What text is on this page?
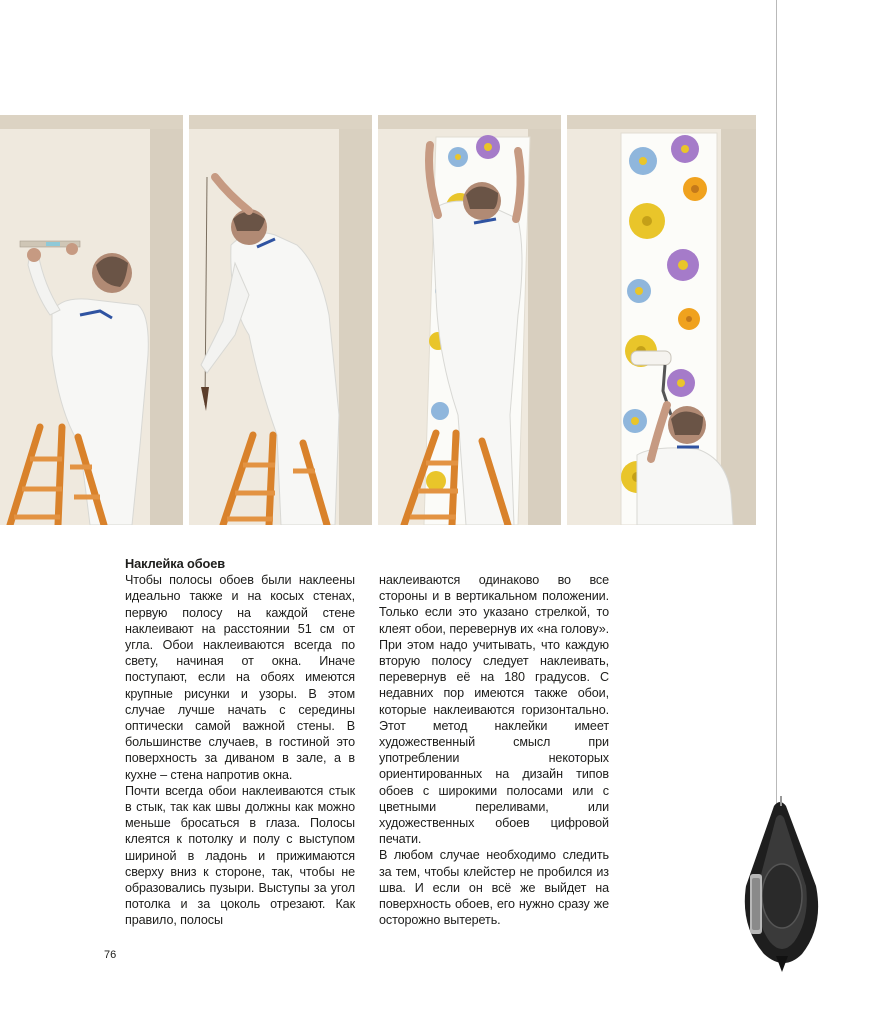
Наклейка обоев

Чтобы полосы обоев были наклеены идеально также и на косых стенах, первую полосу на каждой стене наклеивают на расстоянии 51 см от угла. Обои наклеиваются всегда по свету, начиная от окна. Иначе поступают, если на обоях имеются крупные рисунки и узоры. В этом случае лучше начать с середины оптически самой важной стены. В большинстве случаев, в гостиной это поверхность за диваном в зале, а в кухне – стена напротив окна.

Почти всегда обои наклеиваются стык в стык, так как швы должны как можно меньше бросаться в глаза. Полосы клеятся к потолку и полу с выступом шириной в ладонь и прижимаются сверху вниз к стороне, так, чтобы не образовались пузыри. Выступы за угол потолка и за цоколь отрезают. Как правило, полосы

наклеиваются одинаково во все стороны и в вертикальном положении. Только если это указано стрелкой, то клеят обои, перевернув их «на голову». При этом надо учитывать, что каждую вторую полосу следует наклеивать, перевернув её на 180 градусов. С недавних пор имеются также обои, которые наклеиваются горизонтально. Этот метод наклейки имеет художественный смысл при употреблении некоторых ориентированных на дизайн типов обоев с широкими полосами или с цветными переливами, или художественных обоев цифровой печати.

В любом случае необходимо следить за тем, чтобы клейстер не пробился из шва. И если он всё же выйдет на поверхность обоев, его нужно сразу же осторожно вытереть.

76
